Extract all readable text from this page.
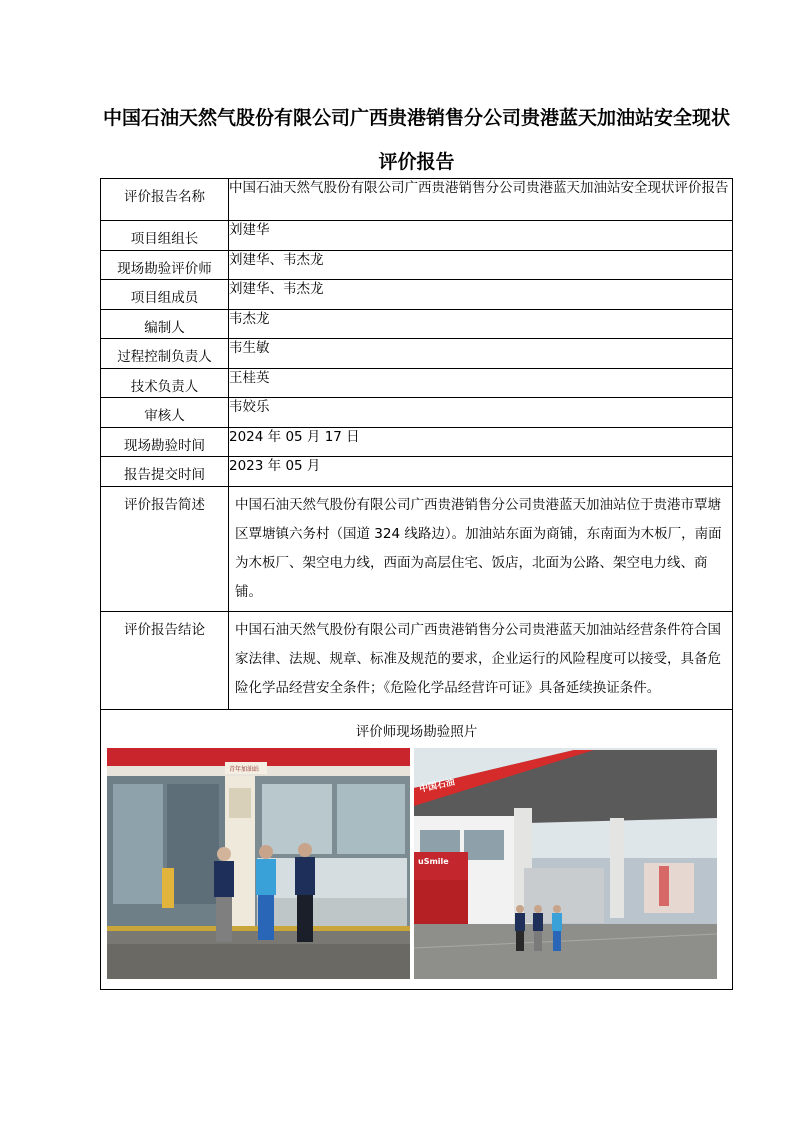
中国石油天然气股份有限公司广西贵港销售分公司贵港蓝天加油站安全现状评价报告
评价报告名称	中国石油天然气股份有限公司广西贵港销售分公司贵港蓝天加油站安全现状评价报告

项目组组长	刘建华

现场勘验评价师	刘建华、韦杰龙

项目组成员	刘建华、韦杰龙

编制人	韦杰龙

过程控制负责人	韦生敏

技术负责人	王桂英

审核人	韦姣乐

现场勘验时间	2024 年 05 月 17 日

报告提交时间	2023 年 05 月

评价报告简述	中国石油天然气股份有限公司广西贵港销售分公司贵港蓝天加油站位于贵港市覃塘区覃塘镇六务村（国道 324 线路边）。加油站东面为商铺，东南面为木板厂，南面为木板厂、架空电力线，西面为高层住宅、饭店，北面为公路、架空电力线、商铺。

评价报告结论	中国石油天然气股份有限公司广西贵港销售分公司贵港蓝天加油站经营条件符合国家法律、法规、规章、标准及规范的要求，企业运行的风险程度可以接受，具备危险化学品经营安全条件；《危险化学品经营许可证》具备延续换证条件。

评价师现场勘验照片
青年加油站
中国石油
uSmile	
